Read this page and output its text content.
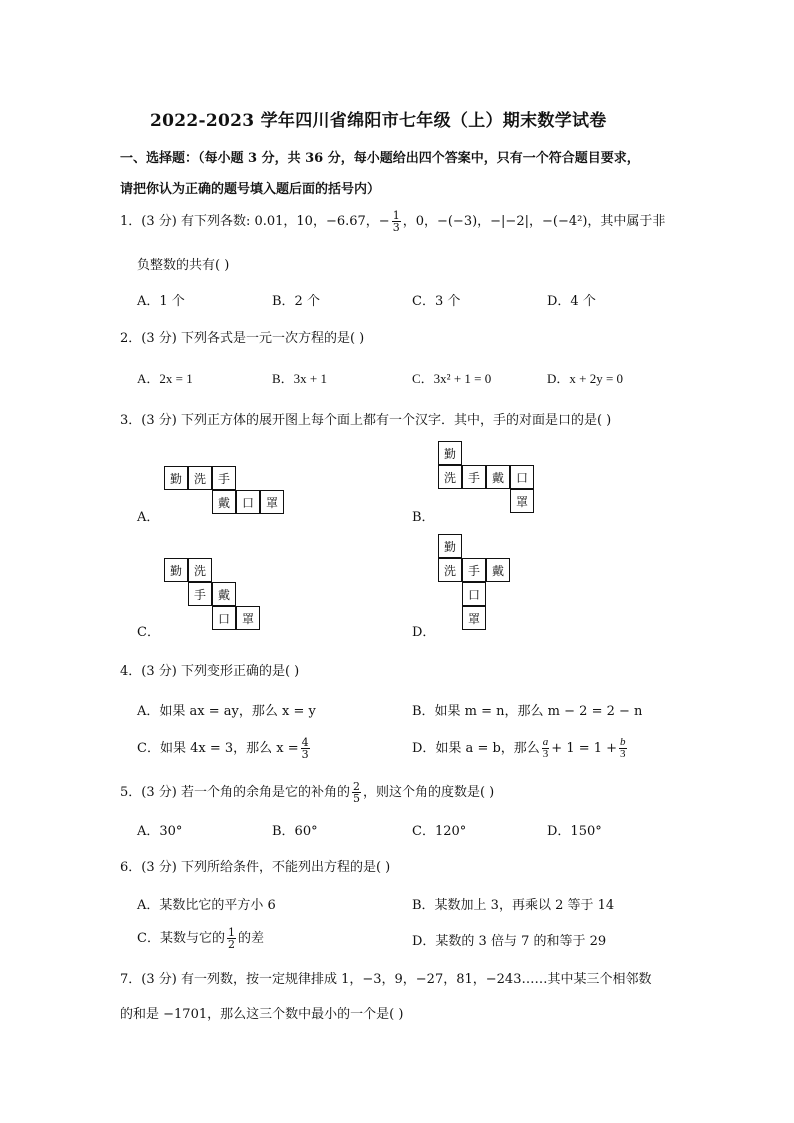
2022-2023 学年四川省绵阳市七年级（上）期末数学试卷
一、选择题：（每小题 3 分，共 36 分，每小题给出四个答案中，只有一个符合题目要求，
请把你认为正确的题号填入题后面的括号内）
1．(3 分) 有下列各数: 0.01，10，−6.67，− $\frac{1}{3}$ ，0，−(−3)，−|−2|，−(−4²)，其中属于非
负整数的共有( )
A．1 个	B．2 个	C．3 个	D．4 个
2．(3 分) 下列各式是一元一次方程的是( )
A．2x = 1	B．3x + 1	C．3x² + 1 = 0	D．x + 2y = 0
3．(3 分) 下列正方体的展开图上每个面上都有一个汉字．其中，手的对面是口的是( )
勤 洗 手
戴 口 罩
A．
勤
洗 手 戴 口
罩
B．
勤 洗
手 戴
口 罩
C．
勤
洗 手 戴
口
罩
D．
4．(3 分) 下列变形正确的是( )
A．如果 ax = ay，那么 x = y	B．如果 m = n，那么 m − 2 = 2 − n
C．如果 4x = 3，那么 $x = \frac{4}{3}$	D．如果 a = b，那么 $\frac{a}{3} + 1 = 1 + \frac{b}{3}$
5．(3 分) 若一个角的余角是它的补角的 $\frac{2}{5}$ ，则这个角的度数是( )
A．30°	B．60°	C．120°	D．150°
6．(3 分) 下列所给条件，不能列出方程的是( )
A．某数比它的平方小 6	B．某数加上 3，再乘以 2 等于 14
C．某数与它的 $\frac{1}{2}$ 的差	D．某数的 3 倍与 7 的和等于 29
7．(3 分) 有一列数，按一定规律排成 1，−3，9，−27，81，−243……其中某三个相邻数
的和是 −1701，那么这三个数中最小的一个是( )
